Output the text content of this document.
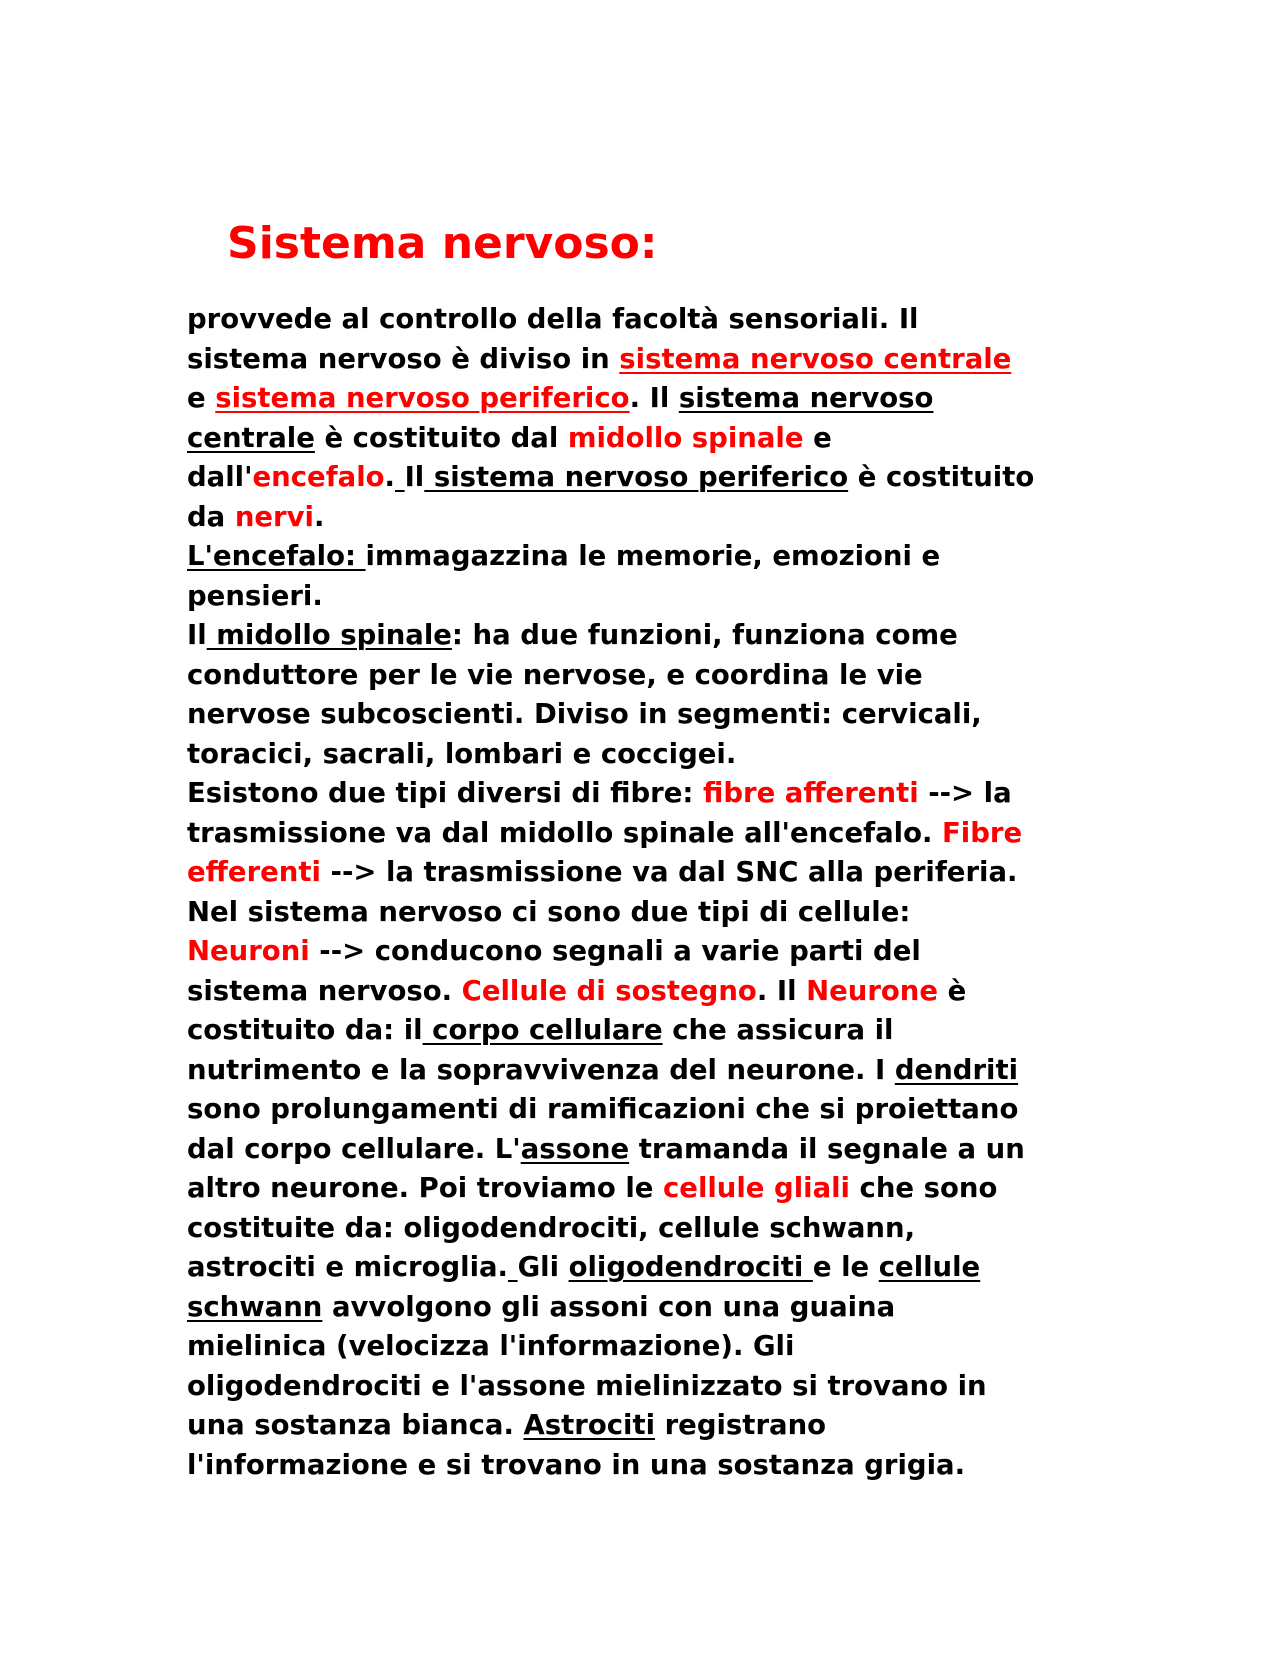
Sistema nervoso:
provvede al controllo della facoltà sensoriali. Il
sistema nervoso è diviso in sistema nervoso centrale
e sistema nervoso periferico. Il sistema nervoso
centrale è costituito dal midollo spinale e
dall'encefalo. Il sistema nervoso periferico è costituito
da nervi.
L'encefalo: immagazzina le memorie, emozioni e
pensieri.
Il midollo spinale: ha due funzioni, funziona come
conduttore per le vie nervose, e coordina le vie
nervose subcoscienti. Diviso in segmenti: cervicali,
toracici, sacrali, lombari e coccigei.
Esistono due tipi diversi di fibre: fibre afferenti --> la
trasmissione va dal midollo spinale all'encefalo. Fibre
efferenti --> la trasmissione va dal SNC alla periferia.
Nel sistema nervoso ci sono due tipi di cellule:
Neuroni --> conducono segnali a varie parti del
sistema nervoso. Cellule di sostegno. Il Neurone è
costituito da: il corpo cellulare che assicura il
nutrimento e la sopravvivenza del neurone. I dendriti
sono prolungamenti di ramificazioni che si proiettano
dal corpo cellulare. L'assone tramanda il segnale a un
altro neurone. Poi troviamo le cellule gliali che sono
costituite da: oligodendrociti, cellule schwann,
astrociti e microglia. Gli oligodendrociti e le cellule
schwann avvolgono gli assoni con una guaina
mielinica (velocizza l'informazione). Gli
oligodendrociti e l'assone mielinizzato si trovano in
una sostanza bianca. Astrociti registrano
l'informazione e si trovano in una sostanza grigia.
